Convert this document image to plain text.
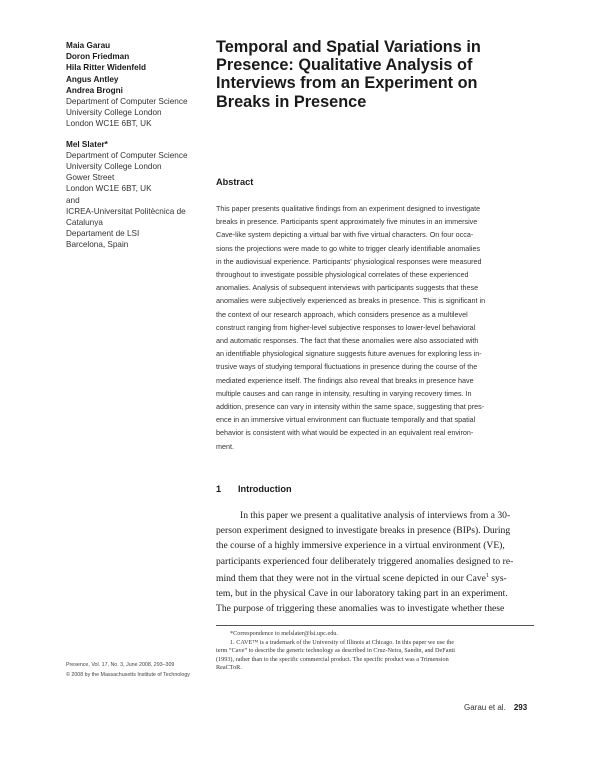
Maia Garau
Doron Friedman
Hila Ritter Widenfeld
Angus Antley
Andrea Brogni
Department of Computer Science
University College London
London WC1E 6BT, UK
Mel Slater*
Department of Computer Science
University College London
Gower Street
London WC1E 6BT, UK
and
ICREA-Universitat Politècnica de
Catalunya
Departament de LSI
Barcelona, Spain
Temporal and Spatial Variations in Presence: Qualitative Analysis of Interviews from an Experiment on Breaks in Presence
Abstract
This paper presents qualitative findings from an experiment designed to investigate
breaks in presence. Participants spent approximately five minutes in an immersive
Cave-like system depicting a virtual bar with five virtual characters. On four occa-
sions the projections were made to go white to trigger clearly identifiable anomalies
in the audiovisual experience. Participants' physiological responses were measured
throughout to investigate possible physiological correlates of these experienced
anomalies. Analysis of subsequent interviews with participants suggests that these
anomalies were subjectively experienced as breaks in presence. This is significant in
the context of our research approach, which considers presence as a multilevel
construct ranging from higher-level subjective responses to lower-level behavioral
and automatic responses. The fact that these anomalies were also associated with
an identifiable physiological signature suggests future avenues for exploring less in-
trusive ways of studying temporal fluctuations in presence during the course of the
mediated experience itself. The findings also reveal that breaks in presence have
multiple causes and can range in intensity, resulting in varying recovery times. In
addition, presence can vary in intensity within the same space, suggesting that pres-
ence in an immersive virtual environment can fluctuate temporally and that spatial
behavior is consistent with what would be expected in an equivalent real environ-
ment.
1 Introduction
In this paper we present a qualitative analysis of interviews from a 30-
person experiment designed to investigate breaks in presence (BIPs). During
the course of a highly immersive experience in a virtual environment (VE),
participants experienced four deliberately triggered anomalies designed to re-
mind them that they were not in the virtual scene depicted in our Cave$^1$ sys-
tem, but in the physical Cave in our laboratory taking part in an experiment.
The purpose of triggering these anomalies was to investigate whether these
*Correspondence to melslater@lsi.upc.edu.
1. CAVE™ is a trademark of the University of Illinois at Chicago. In this paper we use the
term “Cave” to describe the generic technology as described in Cruz-Neira, Sandin, and DeFanti
(1993), rather than to the specific commercial product. The specific product was a Trimension
ReaCToR.
Presence, Vol. 17, No. 3, June 2008, 293–309
© 2008 by the Massachusetts Institute of Technology
Garau et al. 293
